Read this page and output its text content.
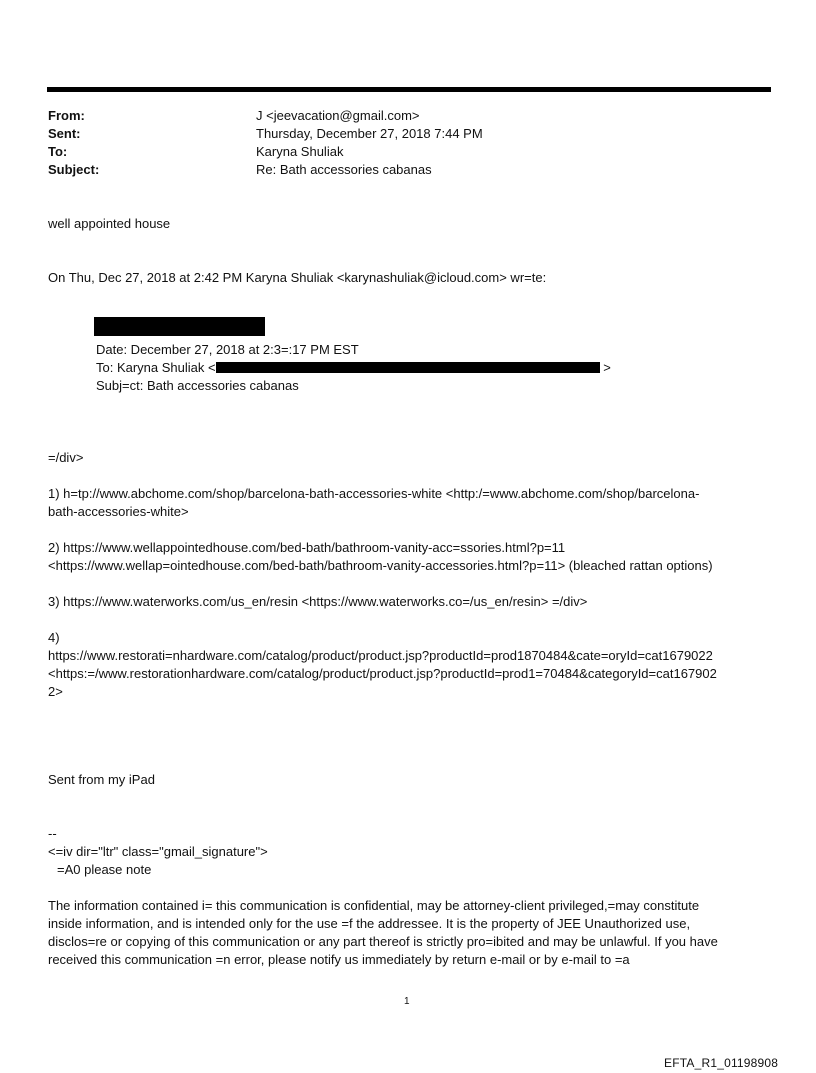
From:	J <jeevacation@gmail.com>
Sent:	Thursday, December 27, 2018 7:44 PM
To:	Karyna Shuliak
Subject:	Re: Bath accessories cabanas
well appointed house
On Thu, Dec 27, 2018 at 2:42 PM Karyna Shuliak <karynashuliak@icloud.com> wr=te:
Date: December 27, 2018 at 2:3=:17 PM EST
To: Karyna Shuliak <	>
Subj=ct: Bath accessories cabanas
=/div>
1) h=tp://www.abchome.com/shop/barcelona-bath-accessories-white <http:/=www.abchome.com/shop/barcelona-
bath-accessories-white>
2) https://www.wellappointedhouse.com/bed-bath/bathroom-vanity-acc=ssories.html?p=11
<https://www.wellap=ointedhouse.com/bed-bath/bathroom-vanity-accessories.html?p=11> (bleached rattan options)
3) https://www.waterworks.com/us_en/resin <https://www.waterworks.co=/us_en/resin> =/div>
4)
https://www.restorati=nhardware.com/catalog/product/product.jsp?productId=prod1870484&cate=oryId=cat1679022
<https:=/www.restorationhardware.com/catalog/product/product.jsp?productId=prod1=70484&categoryId=cat167902
2>
Sent from my iPad
--
<=iv dir="ltr" class="gmail_signature">
=A0 please note
The information contained i= this communication is confidential, may be attorney-client privileged,=may constitute
inside information, and is intended only for the use =f the addressee. It is the property of JEE Unauthorized use,
disclos=re or copying of this communication or any part thereof is strictly pro=ibited and may be unlawful. If you have
received this communication =n error, please notify us immediately by return e-mail or by e-mail to =a
1
EFTA_R1_01198908
